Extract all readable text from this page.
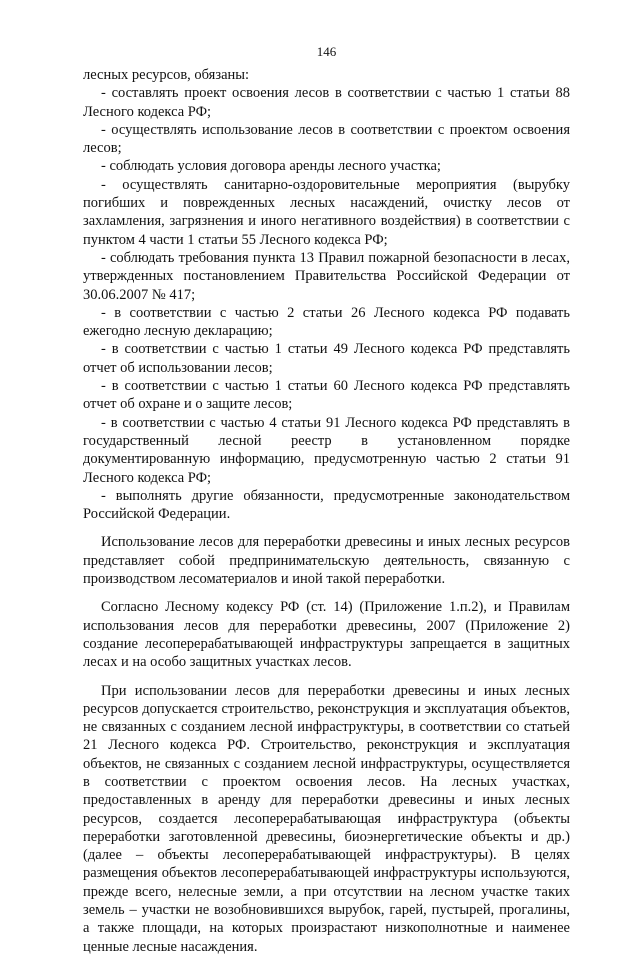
146

лесных ресурсов, обязаны:

- составлять проект освоения лесов в соответствии с частью 1 статьи 88 Лесного кодекса РФ;

- осуществлять использование лесов в соответствии с проектом освоения лесов;

- соблюдать условия договора аренды лесного участка;

- осуществлять санитарно-оздоровительные мероприятия (вырубку погибших и поврежденных лесных насаждений, очистку лесов от захламления, загрязнения и иного негативного воздействия) в соответствии с пунктом 4 части 1 статьи 55 Лесного кодекса РФ;

- соблюдать требования пункта 13 Правил пожарной безопасности в лесах, утвержденных постановлением Правительства Российской Федерации от 30.06.2007 № 417;

- в соответствии с частью 2 статьи 26 Лесного кодекса РФ подавать ежегодно лесную декларацию;

- в соответствии с частью 1 статьи 49 Лесного кодекса РФ представлять отчет об использовании лесов;

- в соответствии с частью 1 статьи 60 Лесного кодекса РФ представлять отчет об охране и о защите лесов;

- в соответствии с частью 4 статьи 91 Лесного кодекса РФ представлять в государственный лесной реестр в установленном порядке документированную информацию, предусмотренную частью 2 статьи 91 Лесного кодекса РФ;

- выполнять другие обязанности, предусмотренные законодательством Российской Федерации.

Использование лесов для переработки древесины и иных лесных ресурсов представляет собой предпринимательскую деятельность, связанную с производством лесоматериалов и иной такой переработки.

Согласно Лесному кодексу РФ (ст. 14) (Приложение 1.п.2), и Правилам использования лесов для переработки древесины, 2007 (Приложение 2) создание лесоперерабатывающей инфраструктуры запрещается в защитных лесах и на особо защитных участках лесов.

При использовании лесов для переработки древесины и иных лесных ресурсов допускается строительство, реконструкция и эксплуатация объектов, не связанных с созданием лесной инфраструктуры, в соответствии со статьей 21 Лесного кодекса РФ. Строительство, реконструкция и эксплуатация объектов, не связанных с созданием лесной инфраструктуры, осуществляется в соответствии с проектом освоения лесов. На лесных участках, предоставленных в аренду для переработки древесины и иных лесных ресурсов, создается лесоперерабатывающая инфраструктура (объекты переработки заготовленной древесины, биоэнергетические объекты и др.) (далее – объекты лесоперерабатывающей инфраструктуры). В целях размещения объектов лесоперерабатывающей инфраструктуры используются, прежде всего, нелесные земли, а при отсутствии на лесном участке таких земель – участки не возобновившихся вырубок, гарей, пустырей, прогалины, а также площади, на которых произрастают низкополнотные и наименее ценные лесные насаждения.
